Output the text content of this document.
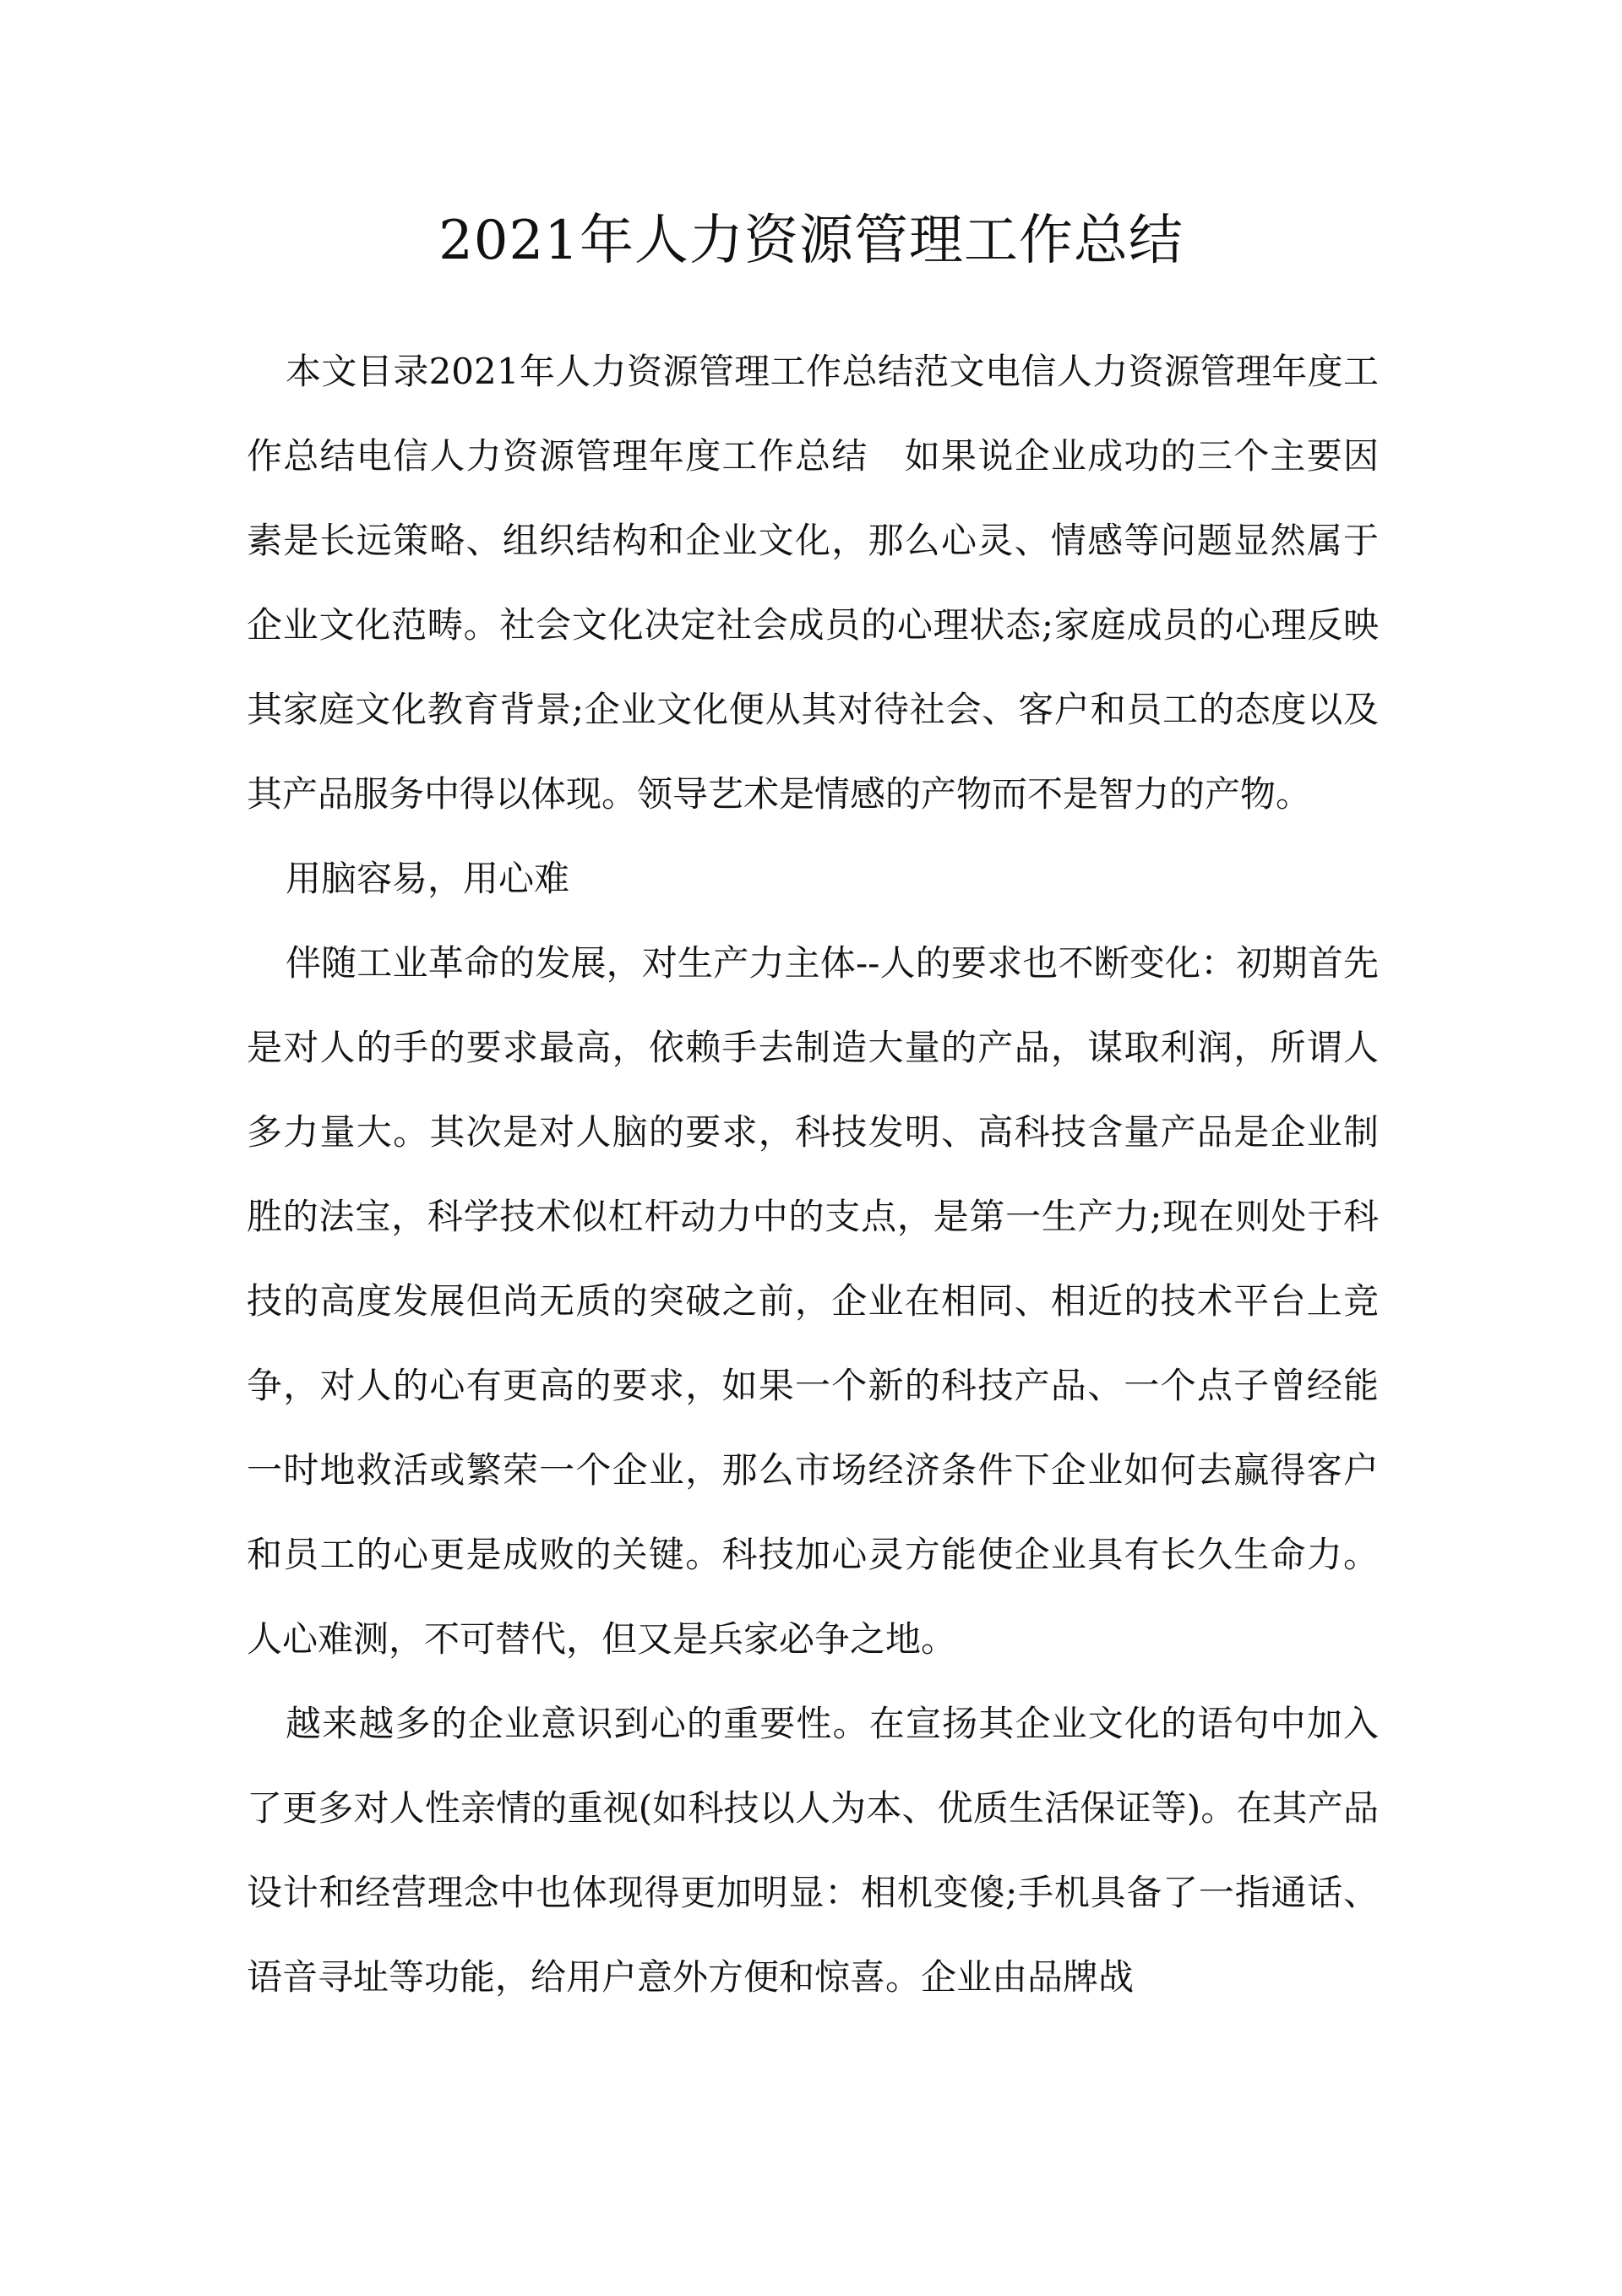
2021年人力资源管理工作总结

本文目录2021年人力资源管理工作总结范文电信人力资源管理年度工作总结电信人力资源管理年度工作总结　如果说企业成功的三个主要因素是长远策略、组织结构和企业文化，那么心灵、情感等问题显然属于企业文化范畴。社会文化决定社会成员的心理状态;家庭成员的心理反映其家庭文化教育背景;企业文化便从其对待社会、客户和员工的态度以及其产品服务中得以体现。领导艺术是情感的产物而不是智力的产物。

用脑容易，用心难

伴随工业革命的发展，对生产力主体--人的要求也不断变化：初期首先是对人的手的要求最高，依赖手去制造大量的产品，谋取利润，所谓人多力量大。其次是对人脑的要求，科技发明、高科技含量产品是企业制胜的法宝，科学技术似杠杆动力中的支点，是第一生产力;现在则处于科技的高度发展但尚无质的突破之前，企业在相同、相近的技术平台上竞争，对人的心有更高的要求，如果一个新的科技产品、一个点子曾经能一时地救活或繁荣一个企业，那么市场经济条件下企业如何去赢得客户和员工的心更是成败的关键。科技加心灵方能使企业具有长久生命力。人心难测，不可替代，但又是兵家必争之地。

越来越多的企业意识到心的重要性。在宣扬其企业文化的语句中加入了更多对人性亲情的重视(如科技以人为本、优质生活保证等)。在其产品设计和经营理念中也体现得更加明显：相机变傻;手机具备了一指通话、语音寻址等功能，给用户意外方便和惊喜。企业由品牌战
